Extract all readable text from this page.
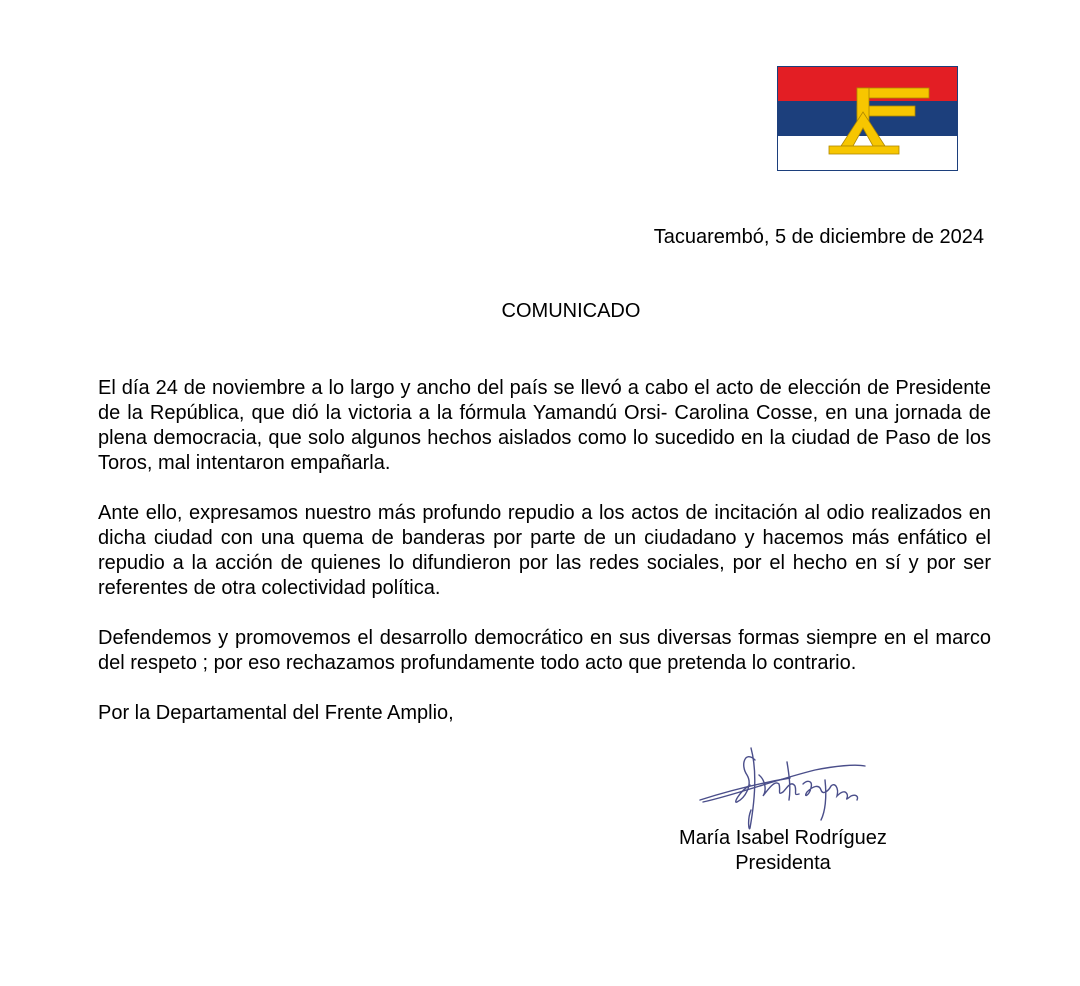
Tacuarembó, 5 de diciembre de 2024
COMUNICADO

El día 24 de noviembre a lo largo y ancho del país se llevó a cabo el acto de elección de Presidente de la República, que dió la victoria a la fórmula Yamandú Orsi- Carolina Cosse, en una jornada de plena democracia, que solo algunos hechos aislados como lo sucedido en la ciudad de Paso de los Toros, mal intentaron empañarla.

Ante ello, expresamos nuestro más profundo repudio a los actos de incitación al odio realizados en dicha ciudad con una quema de banderas por parte de un ciudadano y hacemos más enfático el repudio a la acción de quienes lo difundieron por las redes sociales, por el hecho en sí y por ser referentes de otra colectividad política.

Defendemos y promovemos el desarrollo democrático en sus diversas formas siempre en el marco del respeto ; por eso rechazamos profundamente todo acto que pretenda lo contrario.

Por la Departamental del Frente Amplio,

María Isabel Rodríguez
Presidenta
